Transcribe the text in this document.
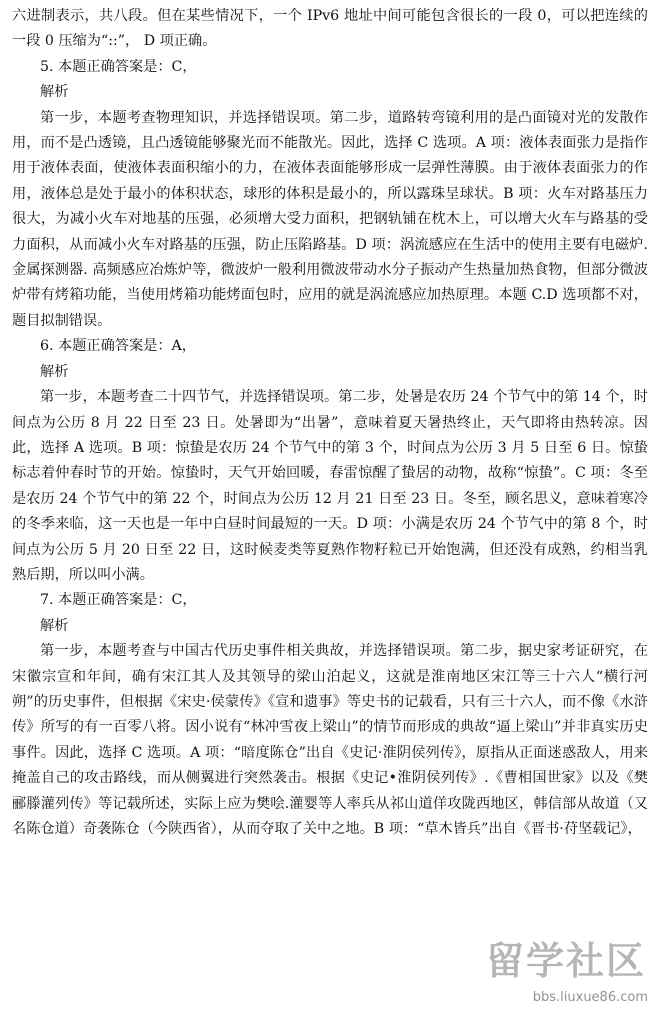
六进制表示，共八段。但在某些情况下，一个 IPv6 地址中间可能包含很长的一段 0，可以把连续的一段 0 压缩为“::”， D 项正确。

5. 本题正确答案是：C，

解析

第一步，本题考查物理知识，并选择错误项。第二步，道路转弯镜利用的是凸面镜对光的发散作用，而不是凸透镜，且凸透镜能够聚光而不能散光。因此，选择 C 选项。A 项：液体表面张力是指作用于液体表面，使液体表面积缩小的力，在液体表面能够形成一层弹性薄膜。由于液体表面张力的作用，液体总是处于最小的体积状态，球形的体积是最小的，所以露珠呈球状。B 项：火车对路基压力很大，为减小火车对地基的压强，必须增大受力面积，把钢轨铺在枕木上，可以增大火车与路基的受力面积，从而减小火车对路基的压强，防止压陷路基。D 项：涡流感应在生活中的使用主要有电磁炉. 金属探测器. 高频感应冶炼炉等，微波炉一般利用微波带动水分子振动产生热量加热食物，但部分微波炉带有烤箱功能，当使用烤箱功能烤面包时，应用的就是涡流感应加热原理。本题 C.D 选项都不对，题目拟制错误。

6. 本题正确答案是：A，

解析

第一步，本题考查二十四节气，并选择错误项。第二步，处暑是农历 24 个节气中的第 14 个，时间点为公历 8 月 22 日至 23 日。处暑即为“出暑”，意味着夏天暑热终止，天气即将由热转凉。因此，选择 A 选项。B 项：惊蛰是农历 24 个节气中的第 3 个，时间点为公历 3 月 5 日至 6 日。惊蛰标志着仲春时节的开始。惊蛰时，天气开始回暖，春雷惊醒了蛰居的动物，故称“惊蛰”。C 项：冬至是农历 24 个节气中的第 22 个，时间点为公历 12 月 21 日至 23 日。冬至，顾名思义，意味着寒冷的冬季来临，这一天也是一年中白昼时间最短的一天。D 项：小满是农历 24 个节气中的第 8 个，时间点为公历 5 月 20 日至 22 日，这时候麦类等夏熟作物籽粒已开始饱满，但还没有成熟，约相当乳熟后期，所以叫小满。

7. 本题正确答案是：C，

解析

第一步，本题考查与中国古代历史事件相关典故，并选择错误项。第二步，据史家考证研究，在宋徽宗宣和年间，确有宋江其人及其领导的梁山泊起义，这就是淮南地区宋江等三十六人“横行河朔”的历史事件，但根据《宋史·侯蒙传》《宣和遗事》等史书的记载看，只有三十六人，而不像《水浒传》所写的有一百零八将。因小说有“林冲雪夜上梁山”的情节而形成的典故“逼上梁山”并非真实历史事件。因此，选择 C 选项。A 项：“暗度陈仓”出自《史记·淮阴侯列传》，原指从正面迷惑敌人，用来掩盖自己的攻击路线，而从侧翼进行突然袭击。根据《史记•淮阴侯列传》.《曹相国世家》以及《樊郦滕灌列传》等记载所述，实际上应为樊哙.灌婴等人率兵从祁山道佯攻陇西地区，韩信部从故道（又名陈仓道）奇袭陈仓（今陕西省），从而夺取了关中之地。B 项：“草木皆兵”出自《晋书·苻坚载记》，

留学社区
bbs.liuxue86.com
